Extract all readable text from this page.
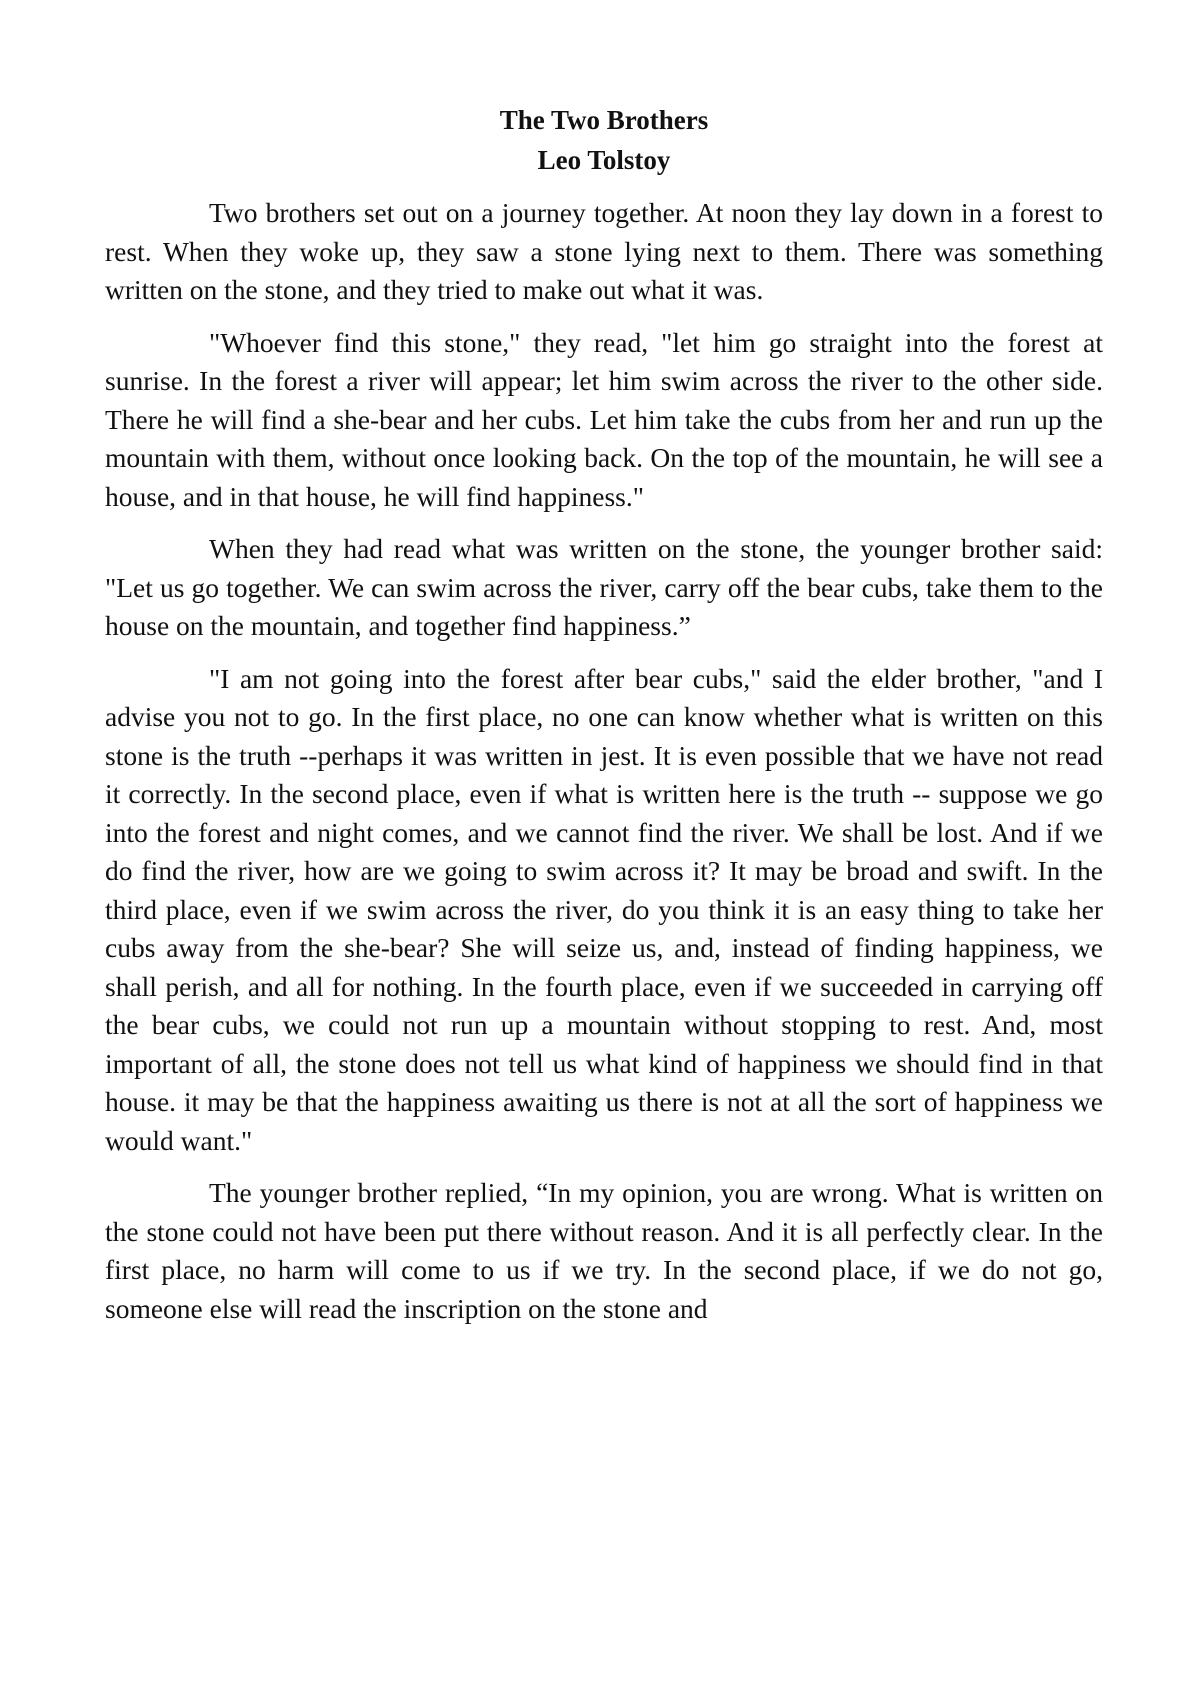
The Two Brothers
Leo Tolstoy

Two brothers set out on a journey together. At noon they lay down in a forest to rest. When they woke up, they saw a stone lying next to them. There was something written on the stone, and they tried to make out what it was.

"Whoever find this stone," they read, "let him go straight into the forest at sunrise. In the forest a river will appear; let him swim across the river to the other side. There he will find a she-bear and her cubs. Let him take the cubs from her and run up the mountain with them, without once looking back. On the top of the mountain, he will see a house, and in that house, he will find happiness."

When they had read what was written on the stone, the younger brother said: "Let us go together. We can swim across the river, carry off the bear cubs, take them to the house on the mountain, and together find happiness.”

"I am not going into the forest after bear cubs," said the elder brother, "and I advise you not to go. In the first place, no one can know whether what is written on this stone is the truth --perhaps it was written in jest. It is even possible that we have not read it correctly. In the second place, even if what is written here is the truth -- suppose we go into the forest and night comes, and we cannot find the river. We shall be lost. And if we do find the river, how are we going to swim across it? It may be broad and swift. In the third place, even if we swim across the river, do you think it is an easy thing to take her cubs away from the she-bear? She will seize us, and, instead of finding happiness, we shall perish, and all for nothing. In the fourth place, even if we succeeded in carrying off the bear cubs, we could not run up a mountain without stopping to rest. And, most important of all, the stone does not tell us what kind of happiness we should find in that house. it may be that the happiness awaiting us there is not at all the sort of happiness we would want."

The younger brother replied, “In my opinion, you are wrong. What is written on the stone could not have been put there without reason. And it is all perfectly clear. In the first place, no harm will come to us if we try. In the second place, if we do not go, someone else will read the inscription on the stone and
